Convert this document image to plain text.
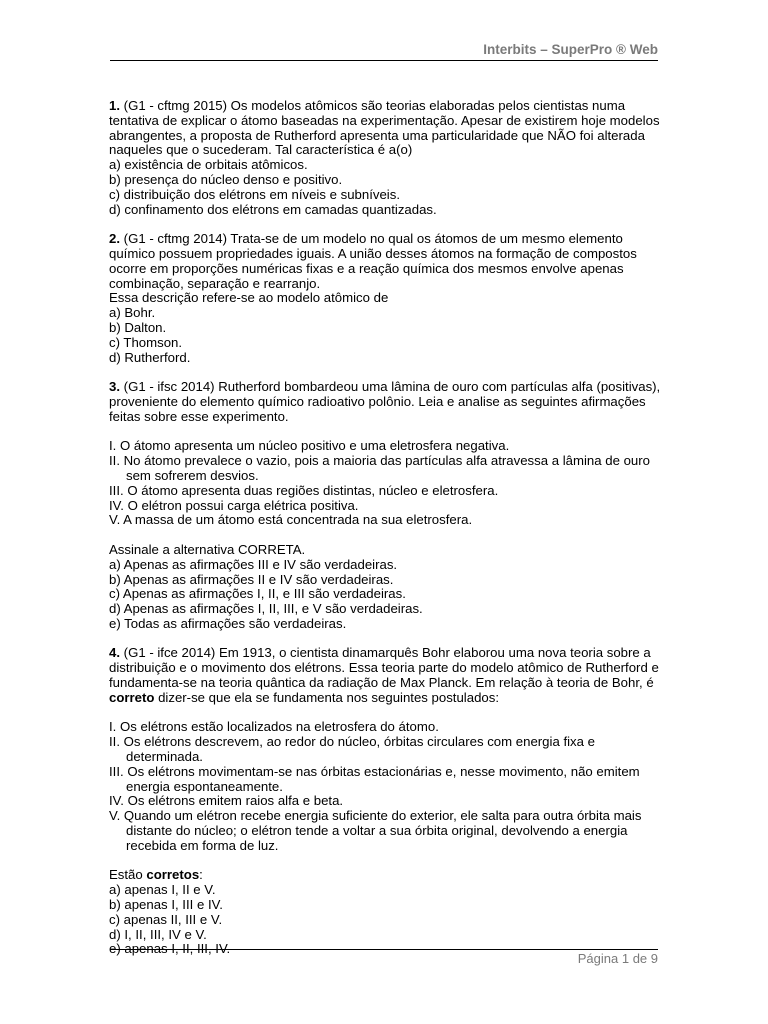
Interbits – SuperPro ® Web
1. (G1 - cftmg 2015) Os modelos atômicos são teorias elaboradas pelos cientistas numa
tentativa de explicar o átomo baseadas na experimentação. Apesar de existirem hoje modelos
abrangentes, a proposta de Rutherford apresenta uma particularidade que NÃO foi alterada
naqueles que o sucederam. Tal característica é a(o)
a) existência de orbitais atômicos.
b) presença do núcleo denso e positivo.
c) distribuição dos elétrons em níveis e subníveis.
d) confinamento dos elétrons em camadas quantizadas.
2. (G1 - cftmg 2014) Trata-se de um modelo no qual os átomos de um mesmo elemento
químico possuem propriedades iguais. A união desses átomos na formação de compostos
ocorre em proporções numéricas fixas e a reação química dos mesmos envolve apenas
combinação, separação e rearranjo.
Essa descrição refere-se ao modelo atômico de
a) Bohr.
b) Dalton.
c) Thomson.
d) Rutherford.
3. (G1 - ifsc 2014) Rutherford bombardeou uma lâmina de ouro com partículas alfa (positivas),
proveniente do elemento químico radioativo polônio. Leia e analise as seguintes afirmações
feitas sobre esse experimento.
I. O átomo apresenta um núcleo positivo e uma eletrosfera negativa.
II. No átomo prevalece o vazio, pois a maioria das partículas alfa atravessa a lâmina de ouro
sem sofrerem desvios.
III. O átomo apresenta duas regiões distintas, núcleo e eletrosfera.
IV. O elétron possui carga elétrica positiva.
V. A massa de um átomo está concentrada na sua eletrosfera.
Assinale a alternativa CORRETA.
a) Apenas as afirmações III e IV são verdadeiras.
b) Apenas as afirmações II e IV são verdadeiras.
c) Apenas as afirmações I, II, e III são verdadeiras.
d) Apenas as afirmações I, II, III, e V são verdadeiras.
e) Todas as afirmações são verdadeiras.
4. (G1 - ifce 2014) Em 1913, o cientista dinamarquês Bohr elaborou uma nova teoria sobre a
distribuição e o movimento dos elétrons. Essa teoria parte do modelo atômico de Rutherford e
fundamenta-se na teoria quântica da radiação de Max Planck. Em relação à teoria de Bohr, é
correto dizer-se que ela se fundamenta nos seguintes postulados:
I. Os elétrons estão localizados na eletrosfera do átomo.
II. Os elétrons descrevem, ao redor do núcleo, órbitas circulares com energia fixa e
determinada.
III. Os elétrons movimentam-se nas órbitas estacionárias e, nesse movimento, não emitem
energia espontaneamente.
IV. Os elétrons emitem raios alfa e beta.
V. Quando um elétron recebe energia suficiente do exterior, ele salta para outra órbita mais
distante do núcleo; o elétron tende a voltar a sua órbita original, devolvendo a energia
recebida em forma de luz.
Estão corretos:
a) apenas I, II e V.
b) apenas I, III e IV.
c) apenas II, III e V.
d) I, II, III, IV e V.
e) apenas I, II, III, IV.
Página 1 de 9
